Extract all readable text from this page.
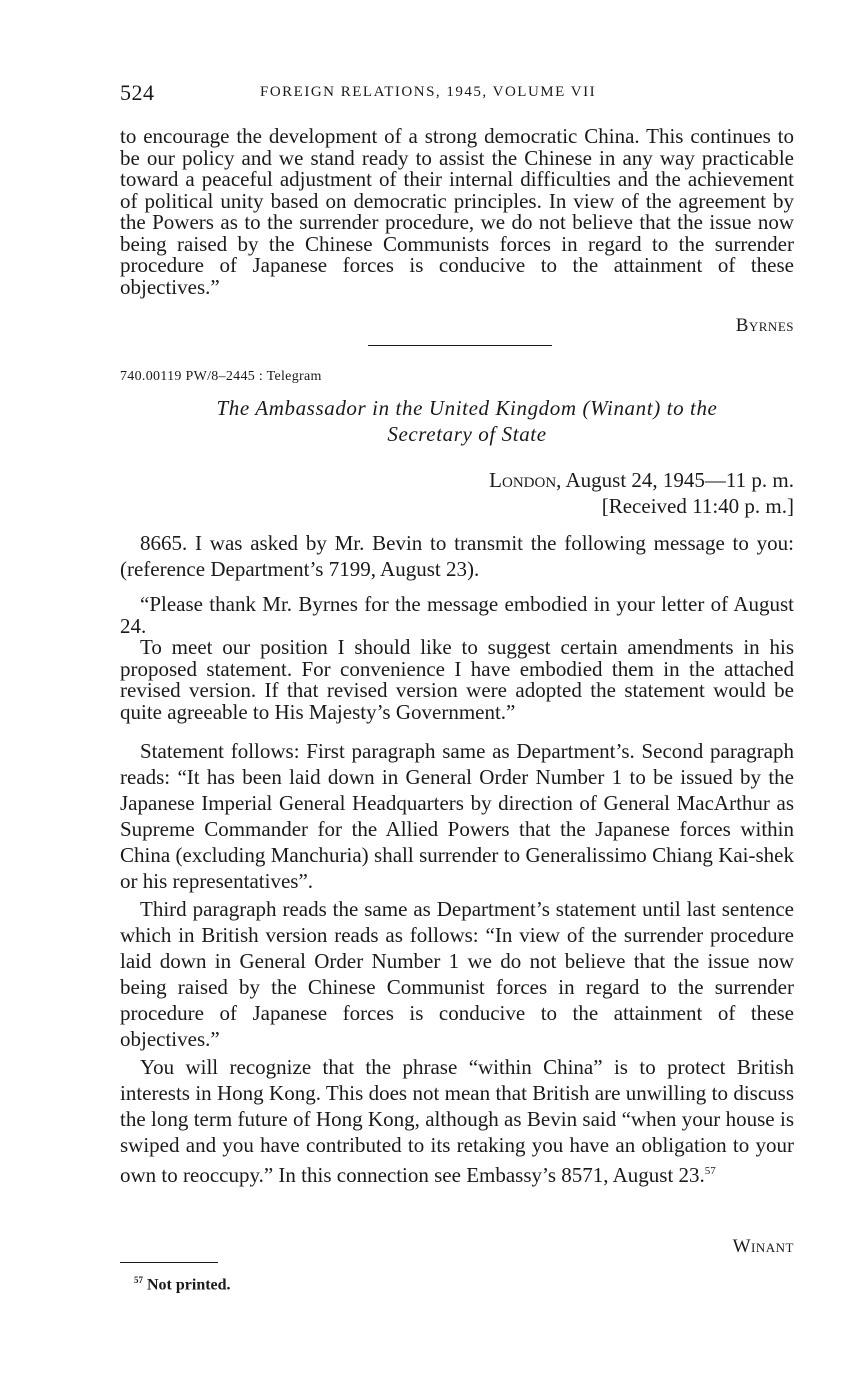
524	FOREIGN RELATIONS, 1945, VOLUME VII

to encourage the development of a strong democratic China. This continues to be our policy and we stand ready to assist the Chinese in any way practicable toward a peaceful adjustment of their internal difficulties and the achievement of political unity based on democratic principles. In view of the agreement by the Powers as to the surrender procedure, we do not believe that the issue now being raised by the Chinese Communists forces in regard to the surrender procedure of Japanese forces is conducive to the attainment of these objectives.”

Byrnes
740.00119 PW/8–2445 : Telegram
The Ambassador in the United Kingdom (Winant) to the
Secretary of State
London, August 24, 1945—11 p. m.
[Received 11:40 p. m.]

8665. I was asked by Mr. Bevin to transmit the following message to you: (reference Department’s 7199, August 23).

“Please thank Mr. Byrnes for the message embodied in your letter of August 24.

To meet our position I should like to suggest certain amendments in his proposed statement. For convenience I have embodied them in the attached revised version. If that revised version were adopted the statement would be quite agreeable to His Majesty’s Government.”

Statement follows: First paragraph same as Department’s. Second paragraph reads: “It has been laid down in General Order Number 1 to be issued by the Japanese Imperial General Headquarters by direction of General MacArthur as Supreme Commander for the Allied Powers that the Japanese forces within China (excluding Manchuria) shall surrender to Generalissimo Chiang Kai-shek or his representatives”.

Third paragraph reads the same as Department’s statement until last sentence which in British version reads as follows: “In view of the surrender procedure laid down in General Order Number 1 we do not believe that the issue now being raised by the Chinese Communist forces in regard to the surrender procedure of Japanese forces is conducive to the attainment of these objectives.”

You will recognize that the phrase “within China” is to protect British interests in Hong Kong. This does not mean that British are unwilling to discuss the long term future of Hong Kong, although as Bevin said “when your house is swiped and you have contributed to its retaking you have an obligation to your own to reoccupy.” In this connection see Embassy’s 8571, August 23.57

Winant
$^{57}$ Not printed.
